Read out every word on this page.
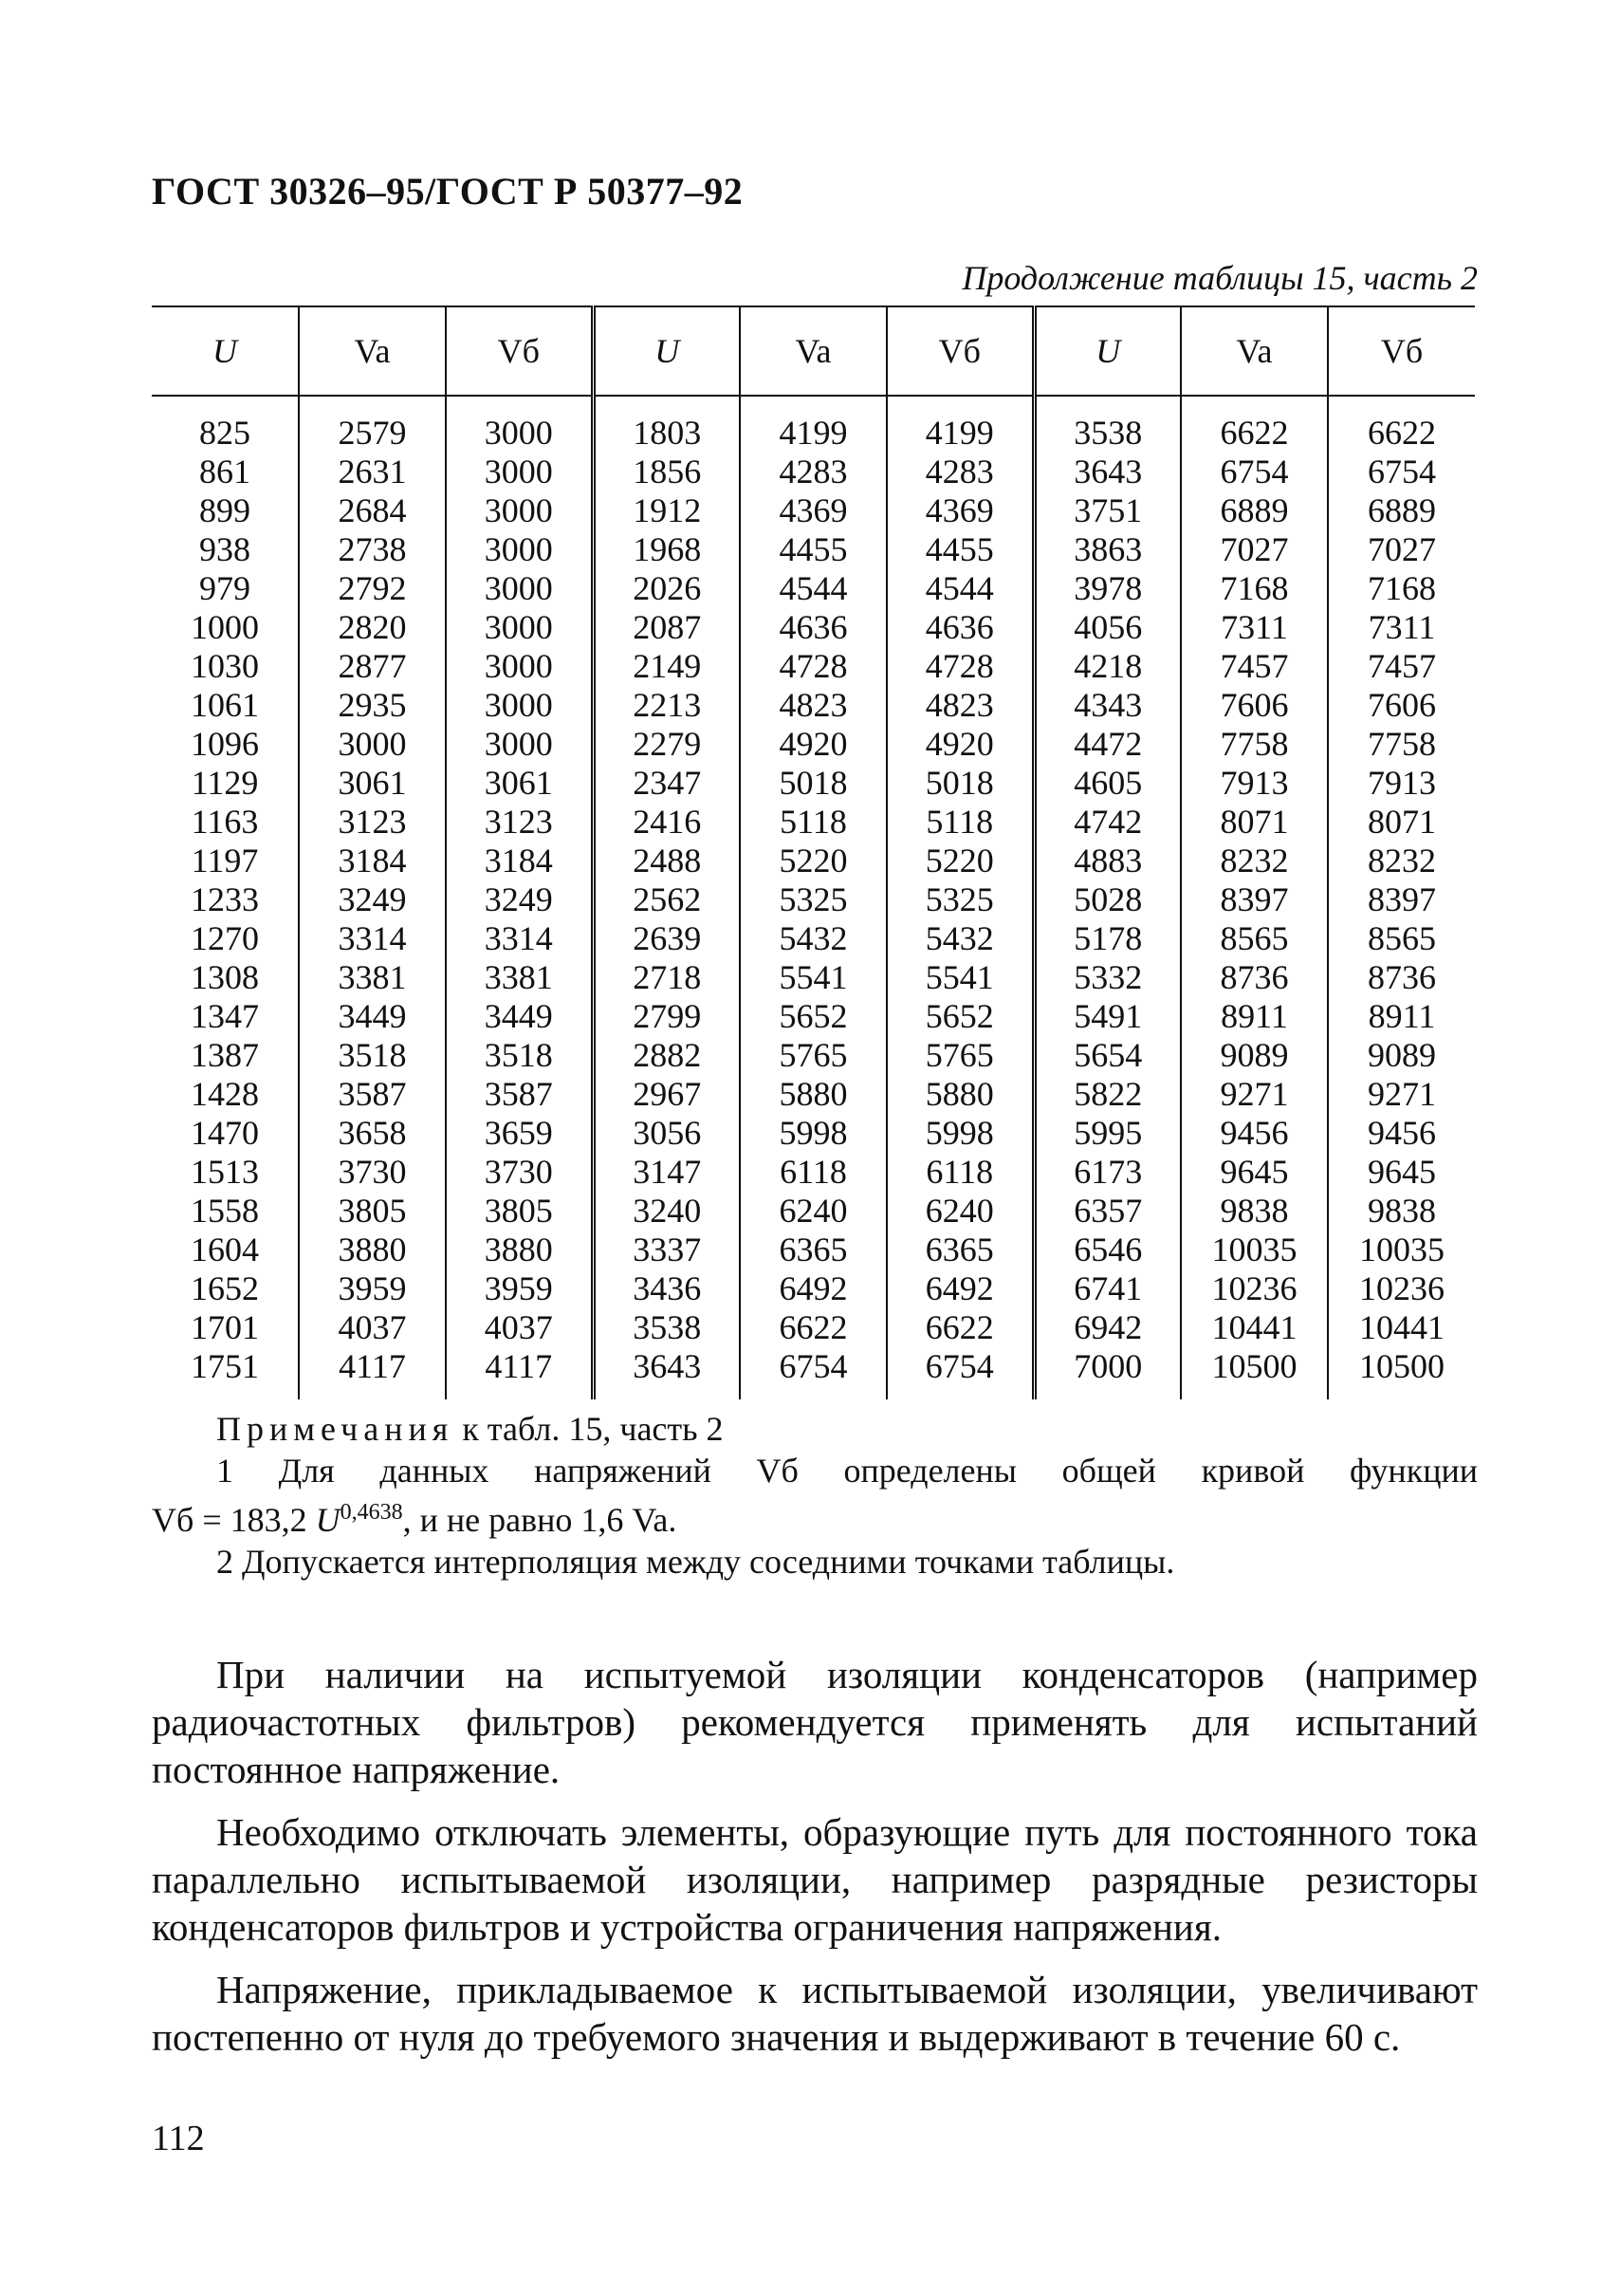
ГОСТ 30326–95/ГОСТ Р 50377–92
Продолжение таблицы 15, часть 2
U	Va	Vб	U	Va	Vб	U	Va	Vб
825	2579	3000	1803	4199	4199	3538	6622	6622
861	2631	3000	1856	4283	4283	3643	6754	6754
899	2684	3000	1912	4369	4369	3751	6889	6889
938	2738	3000	1968	4455	4455	3863	7027	7027
979	2792	3000	2026	4544	4544	3978	7168	7168
1000	2820	3000	2087	4636	4636	4056	7311	7311
1030	2877	3000	2149	4728	4728	4218	7457	7457
1061	2935	3000	2213	4823	4823	4343	7606	7606
1096	3000	3000	2279	4920	4920	4472	7758	7758
1129	3061	3061	2347	5018	5018	4605	7913	7913
1163	3123	3123	2416	5118	5118	4742	8071	8071
1197	3184	3184	2488	5220	5220	4883	8232	8232
1233	3249	3249	2562	5325	5325	5028	8397	8397
1270	3314	3314	2639	5432	5432	5178	8565	8565
1308	3381	3381	2718	5541	5541	5332	8736	8736
1347	3449	3449	2799	5652	5652	5491	8911	8911
1387	3518	3518	2882	5765	5765	5654	9089	9089
1428	3587	3587	2967	5880	5880	5822	9271	9271
1470	3658	3659	3056	5998	5998	5995	9456	9456
1513	3730	3730	3147	6118	6118	6173	9645	9645
1558	3805	3805	3240	6240	6240	6357	9838	9838
1604	3880	3880	3337	6365	6365	6546	10035	10035
1652	3959	3959	3436	6492	6492	6741	10236	10236
1701	4037	4037	3538	6622	6622	6942	10441	10441
1751	4117	4117	3643	6754	6754	7000	10500	10500

Примечания к табл. 15, часть 2

1 Для данных напряжений Vб определены общей кривой функции

Vб = 183,2 $U^{0,4638}$, и не равно 1,6 Va.

2 Допускается интерполяция между соседними точками таблицы.

При наличии на испытуемой изоляции конденсаторов (например радиочастотных фильтров) рекомендуется применять для испытаний постоянное напряжение.

Необходимо отключать элементы, образующие путь для постоянного тока параллельно испытываемой изоляции, например разрядные резисторы конденсаторов фильтров и устройства ограничения напряжения.

Напряжение, прикладываемое к испытываемой изоляции, увеличивают постепенно от нуля до требуемого значения и выдерживают в течение 60 с.

112
